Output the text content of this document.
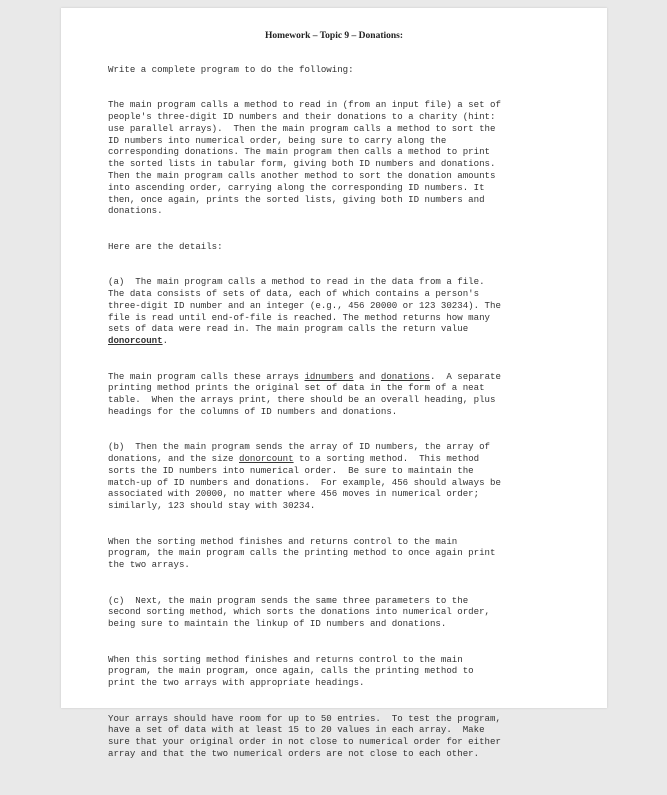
Homework – Topic 9 – Donations:

Write a complete program to do the following:

The main program calls a method to read in (from an input file) a set of
people's three-digit ID numbers and their donations to a charity (hint:
use parallel arrays).  Then the main program calls a method to sort the
ID numbers into numerical order, being sure to carry along the
corresponding donations. The main program then calls a method to print
the sorted lists in tabular form, giving both ID numbers and donations.
Then the main program calls another method to sort the donation amounts
into ascending order, carrying along the corresponding ID numbers. It
then, once again, prints the sorted lists, giving both ID numbers and
donations.

Here are the details:

(a)  The main program calls a method to read in the data from a file.
The data consists of sets of data, each of which contains a person's
three-digit ID number and an integer (e.g., 456 20000 or 123 30234). The
file is read until end-of-file is reached. The method returns how many
sets of data were read in. The main program calls the return value
donorcount.

The main program calls these arrays idnumbers and donations.  A separate
printing method prints the original set of data in the form of a neat
table.  When the arrays print, there should be an overall heading, plus
headings for the columns of ID numbers and donations.

(b)  Then the main program sends the array of ID numbers, the array of
donations, and the size donorcount to a sorting method.  This method
sorts the ID numbers into numerical order.  Be sure to maintain the
match-up of ID numbers and donations.  For example, 456 should always be
associated with 20000, no matter where 456 moves in numerical order;
similarly, 123 should stay with 30234.

When the sorting method finishes and returns control to the main
program, the main program calls the printing method to once again print
the two arrays.

(c)  Next, the main program sends the same three parameters to the
second sorting method, which sorts the donations into numerical order,
being sure to maintain the linkup of ID numbers and donations.

When this sorting method finishes and returns control to the main
program, the main program, once again, calls the printing method to
print the two arrays with appropriate headings.

Your arrays should have room for up to 50 entries.  To test the program,
have a set of data with at least 15 to 20 values in each array.  Make
sure that your original order in not close to numerical order for either
array and that the two numerical orders are not close to each other.
